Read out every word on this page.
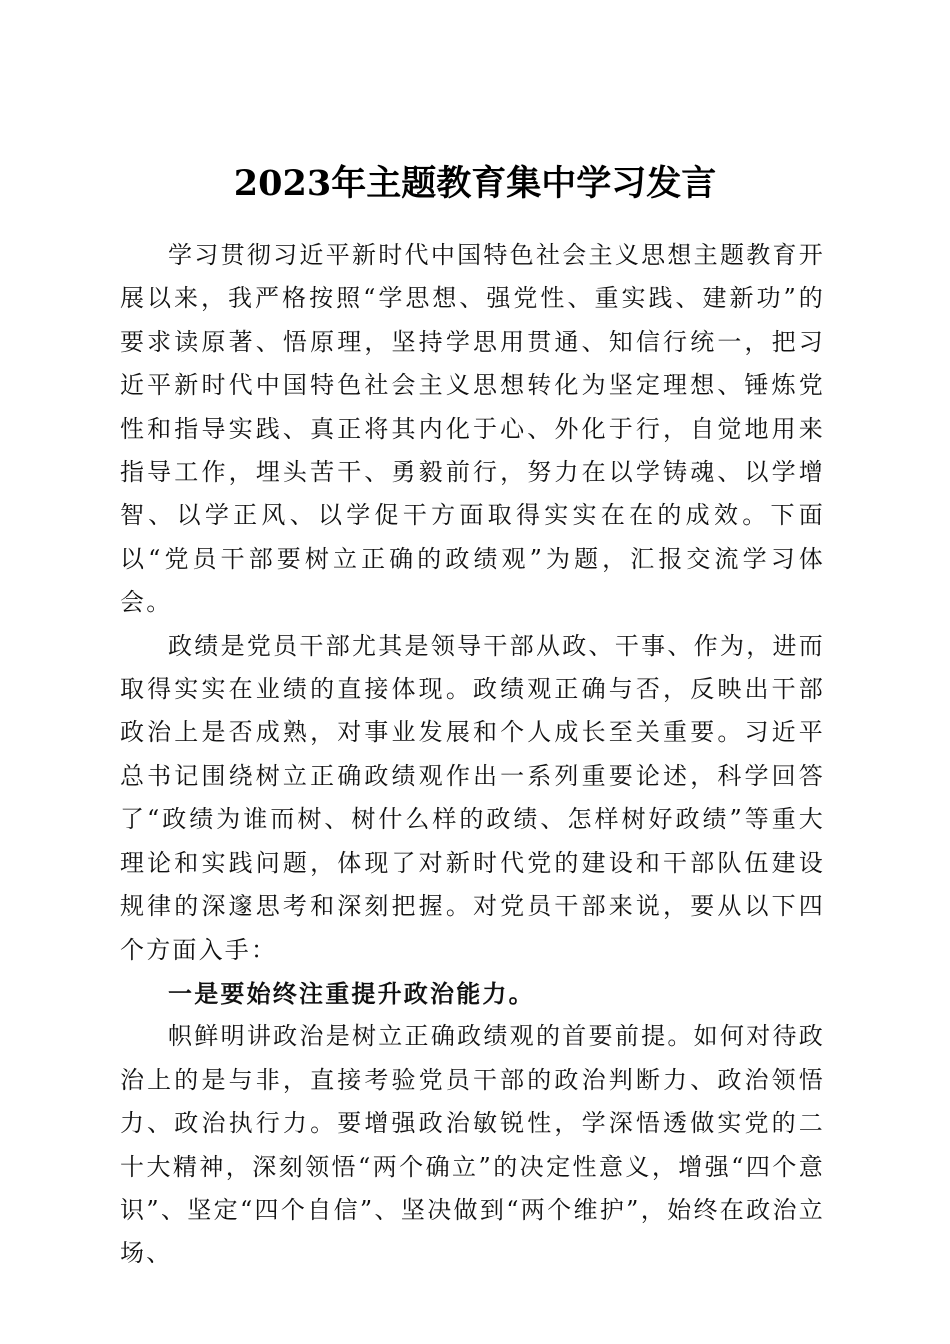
2023年主题教育集中学习发言

学习贯彻习近平新时代中国特色社会主义思想主题教育开展以来，我严格按照“学思想、强党性、重实践、建新功”的要求读原著、悟原理，坚持学思用贯通、知信行统一，把习近平新时代中国特色社会主义思想转化为坚定理想、锤炼党性和指导实践、真正将其内化于心、外化于行，自觉地用来指导工作，埋头苦干、勇毅前行，努力在以学铸魂、以学增智、以学正风、以学促干方面取得实实在在的成效。下面以“党员干部要树立正确的政绩观”为题，汇报交流学习体会。

政绩是党员干部尤其是领导干部从政、干事、作为，进而取得实实在业绩的直接体现。政绩观正确与否，反映出干部政治上是否成熟，对事业发展和个人成长至关重要。习近平总书记围绕树立正确政绩观作出一系列重要论述，科学回答了“政绩为谁而树、树什么样的政绩、怎样树好政绩”等重大理论和实践问题，体现了对新时代党的建设和干部队伍建设规律的深邃思考和深刻把握。对党员干部来说，要从以下四个方面入手：

一是要始终注重提升政治能力。

帜鲜明讲政治是树立正确政绩观的首要前提。如何对待政治上的是与非，直接考验党员干部的政治判断力、政治领悟力、政治执行力。要增强政治敏锐性，学深悟透做实党的二十大精神，深刻领悟“两个确立”的决定性意义，增强“四个意识”、坚定“四个自信”、坚决做到“两个维护”，始终在政治立场、
